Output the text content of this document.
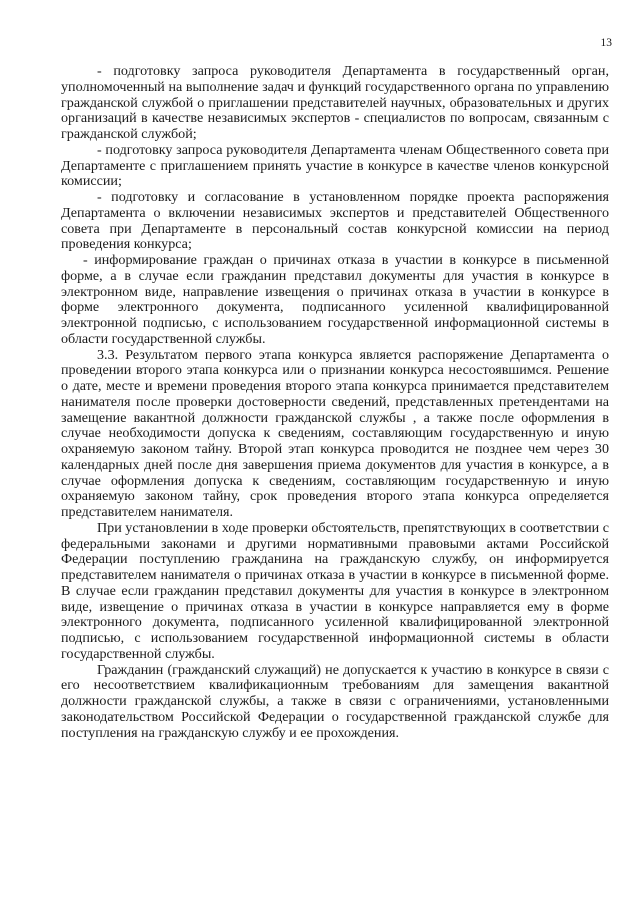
13

- подготовку запроса руководителя Департамента в государственный орган, уполномоченный на выполнение задач и функций государственного органа по управлению гражданской службой о приглашении представителей научных, образовательных и других организаций в качестве независимых экспертов - специалистов по вопросам, связанным с гражданской службой;

- подготовку запроса руководителя Департамента членам Общественного совета при Департаменте с приглашением принять участие в конкурсе в качестве членов конкурсной комиссии;

- подготовку и согласование в установленном порядке проекта распоряжения Департамента о включении независимых экспертов и представителей Общественного совета при Департаменте в персональный состав конкурсной комиссии на период проведения конкурса;

- информирование граждан о причинах отказа в участии в конкурсе в письменной форме, а в случае если гражданин представил документы для участия в конкурсе в электронном виде, направление извещения о причинах отказа в участии в конкурсе в форме электронного документа, подписанного усиленной квалифицированной электронной подписью, с использованием государственной информационной системы в области государственной службы.

3.3. Результатом первого этапа конкурса является распоряжение Департамента о проведении второго этапа конкурса или о признании конкурса несостоявшимся. Решение о дате, месте и времени проведения второго этапа конкурса принимается представителем нанимателя после проверки достоверности сведений, представленных претендентами на замещение вакантной должности гражданской службы , а также после оформления в случае необходимости допуска к сведениям, составляющим государственную и иную охраняемую законом тайну. Второй этап конкурса проводится не позднее чем через 30 календарных дней после дня завершения приема документов для участия в конкурсе, а в случае оформления допуска к сведениям, составляющим государственную и иную охраняемую законом тайну, срок проведения второго этапа конкурса определяется представителем нанимателя.

При установлении в ходе проверки обстоятельств, препятствующих в соответствии с федеральными законами и другими нормативными правовыми актами Российской Федерации поступлению гражданина на гражданскую службу, он информируется представителем нанимателя о причинах отказа в участии в конкурсе в письменной форме. В случае если гражданин представил документы для участия в конкурсе в электронном виде, извещение о причинах отказа в участии в конкурсе направляется ему в форме электронного документа, подписанного усиленной квалифицированной электронной подписью, с использованием государственной информационной системы в области государственной службы.

Гражданин (гражданский служащий) не допускается к участию в конкурсе в связи с его несоответствием квалификационным требованиям для замещения вакантной должности гражданской службы, а также в связи с ограничениями, установленными законодательством Российской Федерации о государственной гражданской службе для поступления на гражданскую службу и ее прохождения.
